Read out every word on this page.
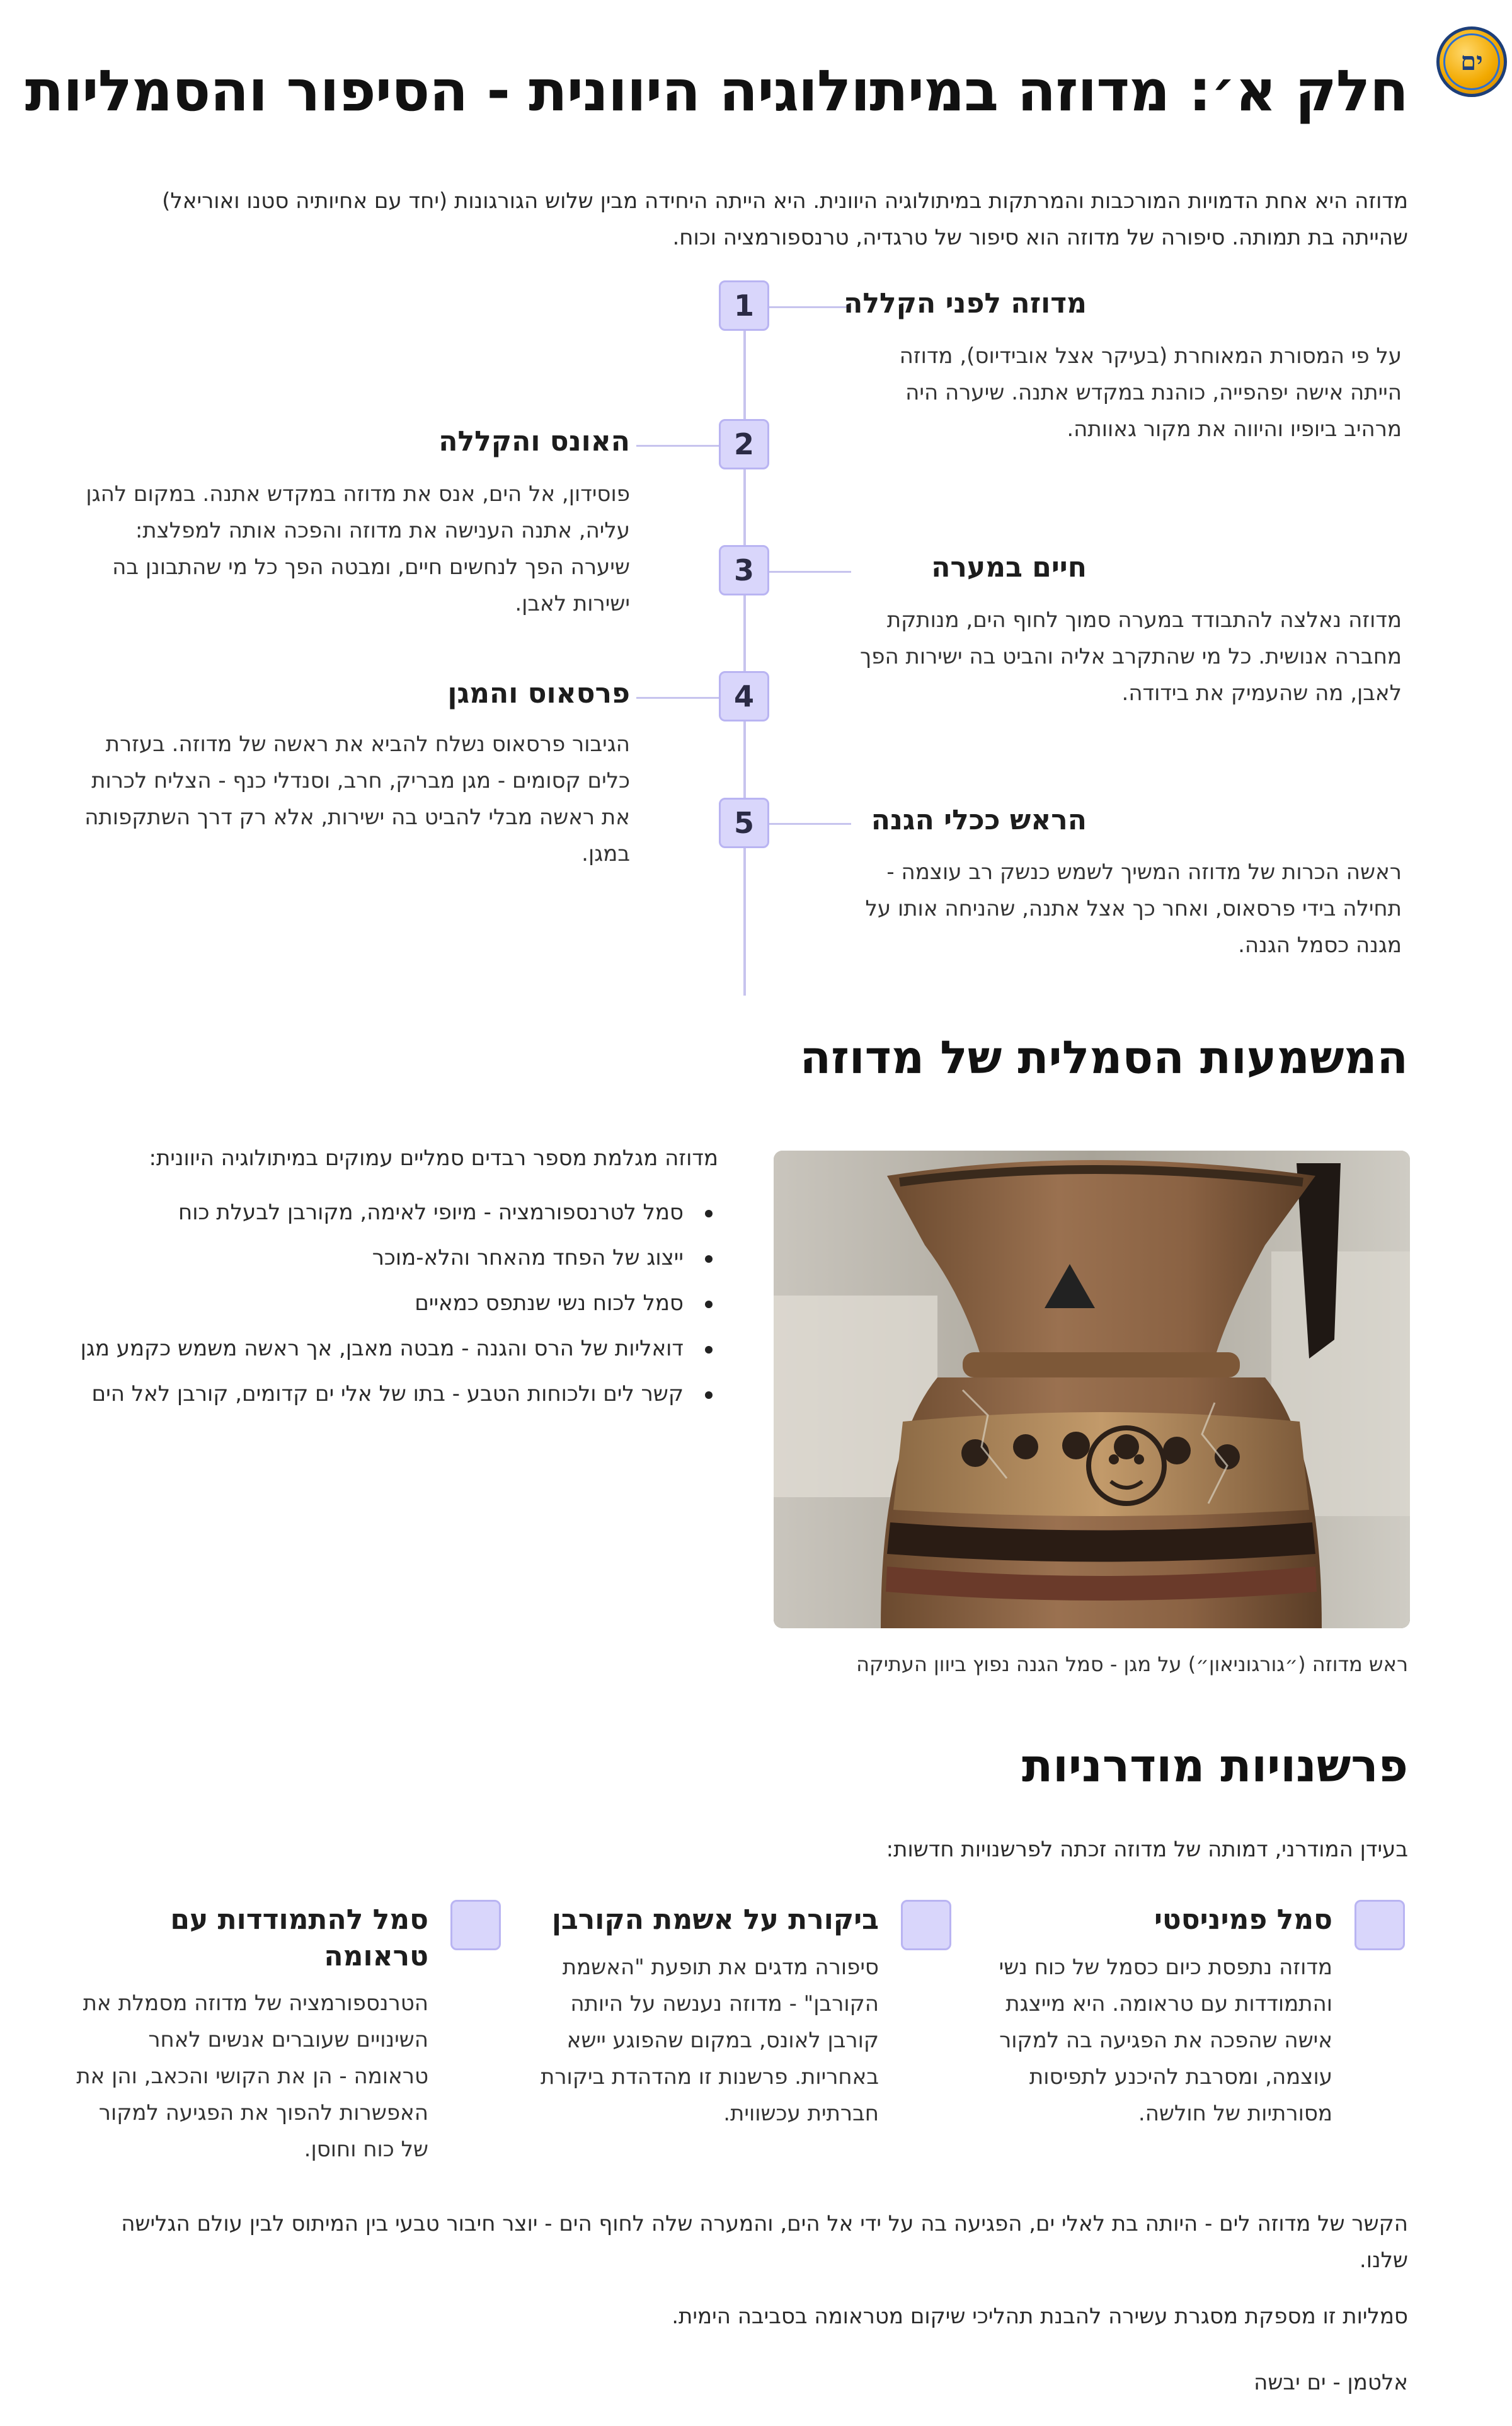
ים
חלק א׳: מדוזה במיתולוגיה היוונית - הסיפור והסמליות

מדוזה היא אחת הדמויות המורכבות והמרתקות במיתולוגיה היוונית. היא הייתה היחידה מבין שלוש הגורגונות (יחד עם אחיותיה סטנו ואוריאל) שהייתה בת תמותה. סיפורה של מדוזה הוא סיפור של טרגדיה, טרנספורמציה וכוח.

1	מדוזה לפני הקללה

על פי המסורת המאוחרת (בעיקר אצל אובידיוס), מדוזה הייתה אישה יפהפייה, כוהנת במקדש אתנה. שיערה היה מרהיב ביופיו והיווה את מקור גאוותה.

2
האונס והקללה

פוסידון, אל הים, אנס את מדוזה במקדש אתנה. במקום להגן עליה, אתנה הענישה את מדוזה והפכה אותה למפלצת: שיערה הפך לנחשים חיים, ומבטה הפך כל מי שהתבונן בה ישירות לאבן.

3	חיים במערה

מדוזה נאלצה להתבודד במערה סמוך לחוף הים, מנותקת מחברה אנושית. כל מי שהתקרב אליה והביט בה ישירות הפך לאבן, מה שהעמיק את בידודה.

4
פרסאוס והמגן

הגיבור פרסאוס נשלח להביא את ראשה של מדוזה. בעזרת כלים קסומים - מגן מבריק, חרב, וסנדלי כנף - הצליח לכרות את ראשה מבלי להביט בה ישירות, אלא רק דרך השתקפותה במגן.

5	הראש ככלי הגנה

ראשה הכרות של מדוזה המשיך לשמש כנשק רב עוצמה - תחילה בידי פרסאוס, ואחר כך אצל אתנה, שהניחה אותו על מגנה כסמל הגנה.

המשמעות הסמלית של מדוזה

מדוזה מגלמת מספר רבדים סמליים עמוקים במיתולוגיה היוונית:

סמל לטרנספורמציה - מיופי לאימה, מקורבן לבעלת כוח
ייצוג של הפחד מהאחר והלא-מוכר
סמל לכוח נשי שנתפס כמאיים
דואליות של הרס והגנה - מבטה מאבן, אך ראשה משמש כקמע מגן
קשר לים ולכוחות הטבע - בתו של אלי ים קדומים, קורבן לאל הים

ראש מדוזה (״גורגוניאון״) על מגן - סמל הגנה נפוץ ביוון העתיקה

פרשנויות מודרניות

בעידן המודרני, דמותה של מדוזה זכתה לפרשנויות חדשות:

סמל פמיניסטי

מדוזה נתפסת כיום כסמל של כוח נשי והתמודדות עם טראומה. היא מייצגת אישה שהפכה את הפגיעה בה למקור עוצמה, ומסרבת להיכנע לתפיסות מסורתיות של חולשה.

ביקורת על אשמת הקורבן

סיפורה מדגים את תופעת "האשמת הקורבן" - מדוזה נענשה על היותה קורבן לאונס, במקום שהפוגע יישא באחריות. פרשנות זו מהדהדת ביקורת חברתית עכשווית.

סמל להתמודדות עם טראומה

הטרנספורמציה של מדוזה מסמלת את השינויים שעוברים אנשים לאחר טראומה - הן את הקושי והכאב, והן את האפשרות להפוך את הפגיעה למקור של כוח וחוסן.

הקשר של מדוזה לים - היותה בת לאלי ים, הפגיעה בה על ידי אל הים, והמערה שלה לחוף הים - יוצר חיבור טבעי בין המיתוס לבין עולם הגלישה שלנו.

סמליות זו מספקת מסגרת עשירה להבנת תהליכי שיקום מטראומה בסביבה הימית.

אלטמן - ים יבשה
